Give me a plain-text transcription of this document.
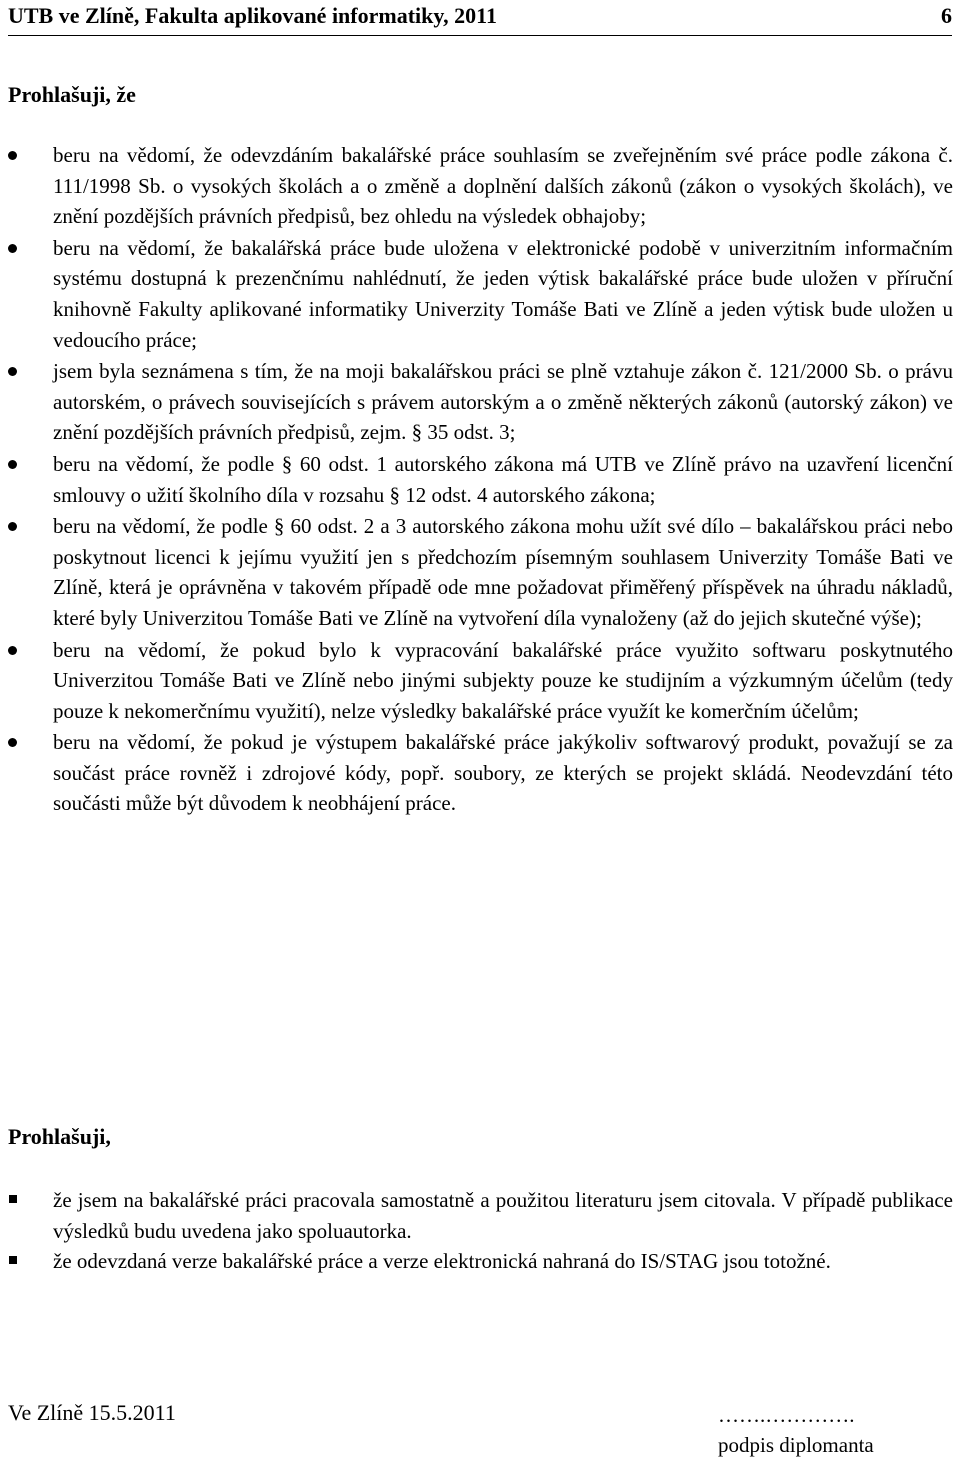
UTB ve Zlíně, Fakulta aplikované informatiky, 2011	6
Prohlašuji, že
beru na vědomí, že odevzdáním bakalářské práce souhlasím se zveřejněním své práce podle zákona č. 111/1998 Sb. o vysokých školách a o změně a doplnění dalších zákonů (zákon o vysokých školách), ve znění pozdějších právních předpisů, bez ohledu na výsledek obhajoby;
beru na vědomí, že bakalářská práce bude uložena v elektronické podobě v univerzitním informačním systému dostupná k prezenčnímu nahlédnutí, že jeden výtisk bakalářské práce bude uložen v příruční knihovně Fakulty aplikované informatiky Univerzity Tomáše Bati ve Zlíně a jeden výtisk bude uložen u vedoucího práce;
jsem byla seznámena s tím, že na moji bakalářskou práci se plně vztahuje zákon č. 121/2000 Sb. o právu autorském, o právech souvisejících s právem autorským a o změně některých zákonů (autorský zákon) ve znění pozdějších právních předpisů, zejm. § 35 odst. 3;
beru na vědomí, že podle § 60 odst. 1 autorského zákona má UTB ve Zlíně právo na uzavření licenční smlouvy o užití školního díla v rozsahu § 12 odst. 4 autorského zákona;
beru na vědomí, že podle § 60 odst. 2 a 3 autorského zákona mohu užít své dílo – bakalářskou práci nebo poskytnout licenci k jejímu využití jen s předchozím písemným souhlasem Univerzity Tomáše Bati ve Zlíně, která je oprávněna v takovém případě ode mne požadovat přiměřený příspěvek na úhradu nákladů, které byly Univerzitou Tomáše Bati ve Zlíně na vytvoření díla vynaloženy (až do jejich skutečné výše);
beru na vědomí, že pokud bylo k vypracování bakalářské práce využito softwaru poskytnutého Univerzitou Tomáše Bati ve Zlíně nebo jinými subjekty pouze ke studijním a výzkumným účelům (tedy pouze k nekomerčnímu využití), nelze výsledky bakalářské práce využít ke komerčním účelům;
beru na vědomí, že pokud je výstupem bakalářské práce jakýkoliv softwarový produkt, považují se za součást práce rovněž i zdrojové kódy, popř. soubory, ze kterých se projekt skládá. Neodevzdání této součásti může být důvodem k neobhájení práce.
Prohlašuji,
že jsem na bakalářské práci pracovala samostatně a použitou literaturu jsem citovala. V případě publikace výsledků budu uvedena jako spoluautorka.
že odevzdaná verze bakalářské práce a verze elektronická nahraná do IS/STAG jsou totožné.
Ve Zlíně 15.5.2011	…….………….
podpis diplomanta
